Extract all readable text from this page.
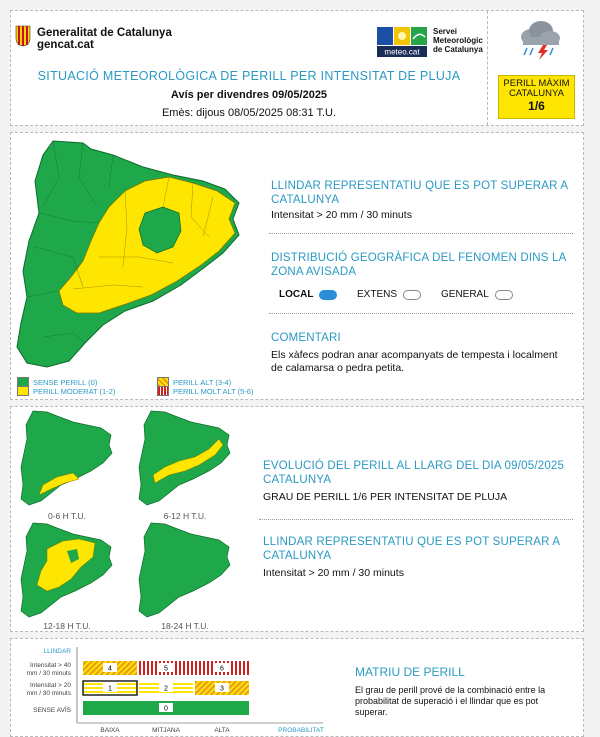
Generalitat de Catalunya
gencat.cat
meteo.cat
Servei
Meteorològic
de Catalunya
SITUACIÓ METEOROLÒGICA DE PERILL PER INTENSITAT DE PLUJA
Avís per divendres 09/05/2025
Emès: dijous 08/05/2025 08:31 T.U.
PERILL MÀXIM
CATALUNYA
1/6
SENSE PERILL (0)
PERILL MODERAT (1-2)
PERILL ALT (3-4)
PERILL MOLT ALT (5-6)
LLINDAR REPRESENTATIU QUE ES POT SUPERAR A CATALUNYA
Intensitat > 20 mm / 30 minuts
DISTRIBUCIÓ GEOGRÀFICA DEL FENOMEN DINS LA ZONA AVISADA
LOCAL	EXTENS	GENERAL
COMENTARI
Els xàfecs podran anar acompanyats de tempesta i localment de calamarsa o pedra petita.
0-6 H T.U.	6-12 H T.U.
12-18 H T.U.	18-24 H T.U.
EVOLUCIÓ DEL PERILL AL LLARG DEL DIA 09/05/2025 CATALUNYA
GRAU DE PERILL 1/6 PER INTENSITAT DE PLUJA
LLINDAR REPRESENTATIU QUE ES POT SUPERAR A CATALUNYA
Intensitat > 20 mm / 30 minuts
LLINDAR
Intensitat > 40
mm / 30 minuts
Intensitat > 20
mm / 30 minuts
SENSE AVÍS
4	5	6
1	2	3
0
BAIXA	MITJANA	ALTA	PROBABILITAT
MATRIU DE PERILL
El grau de perill prové de la combinació entre la probabilitat de superació i el llindar que es pot superar.
